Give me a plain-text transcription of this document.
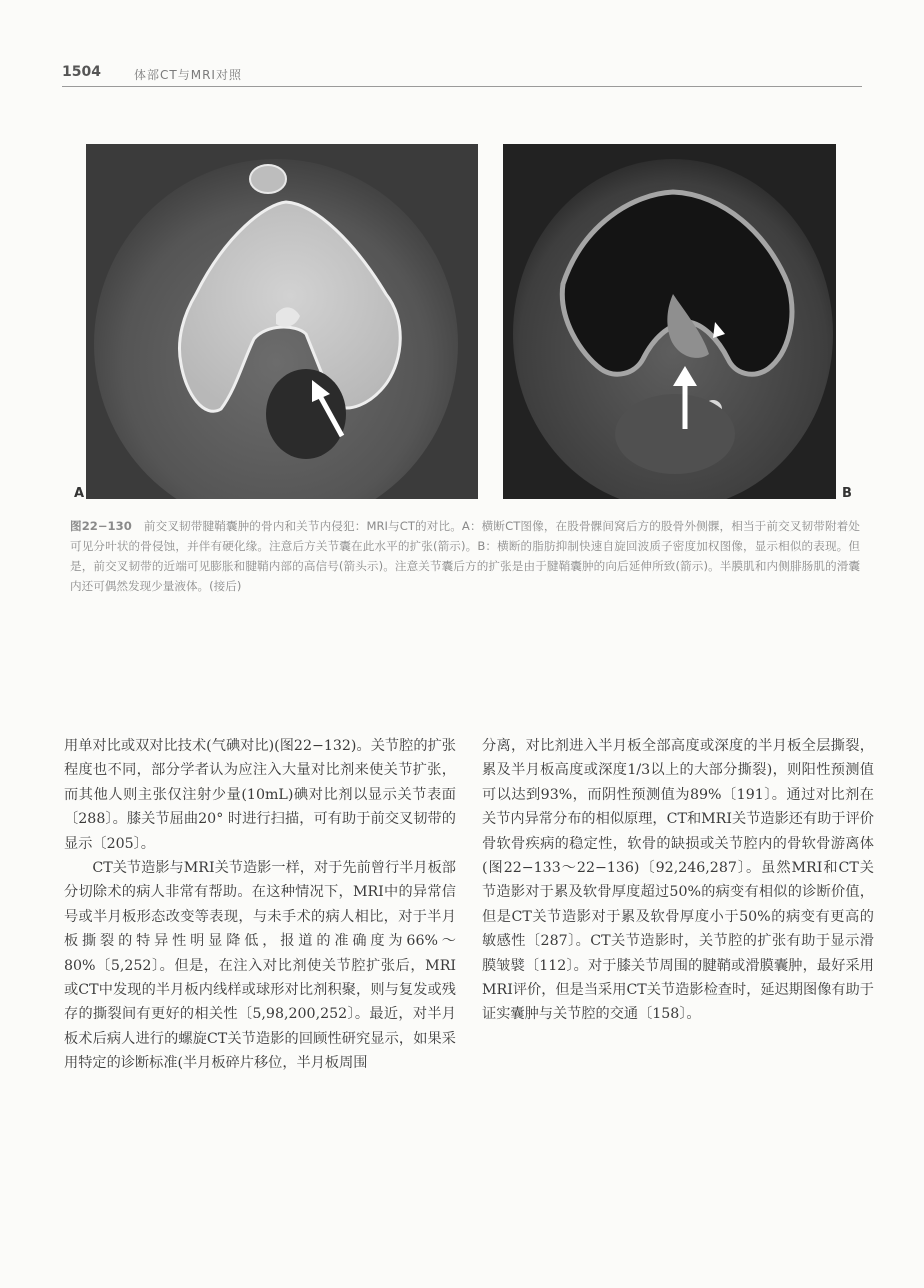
1504	体部CT与MRI对照
A	B
图22−130 前交叉韧带腱鞘囊肿的骨内和关节内侵犯：MRI与CT的对比。A：横断CT图像，在股骨髁间窝后方的股骨外侧髁，相当于前交叉韧带附着处可见分叶状的骨侵蚀，并伴有硬化缘。注意后方关节囊在此水平的扩张(箭示)。B：横断的脂肪抑制快速自旋回波质子密度加权图像，显示相似的表现。但是，前交叉韧带的近端可见膨胀和腱鞘内部的高信号(箭头示)。注意关节囊后方的扩张是由于腱鞘囊肿的向后延伸所致(箭示)。半膜肌和内侧腓肠肌的滑囊内还可偶然发现少量液体。(接后)

用单对比或双对比技术(气碘对比)(图22−132)。关节腔的扩张程度也不同，部分学者认为应注入大量对比剂来使关节扩张，而其他人则主张仅注射少量(10mL)碘对比剂以显示关节表面〔288〕。膝关节屈曲20° 时进行扫描，可有助于前交叉韧带的显示〔205〕。

CT关节造影与MRI关节造影一样，对于先前曾行半月板部分切除术的病人非常有帮助。在这种情况下，MRI中的异常信号或半月板形态改变等表现，与未手术的病人相比，对于半月板撕裂的特异性明显降低，报道的准确度为66%～80%〔5,252〕。但是，在注入对比剂使关节腔扩张后，MRI或CT中发现的半月板内线样或球形对比剂积聚，则与复发或残存的撕裂间有更好的相关性〔5,98,200,252〕。最近，对半月板术后病人进行的螺旋CT关节造影的回顾性研究显示，如果采用特定的诊断标准(半月板碎片移位，半月板周围

分离，对比剂进入半月板全部高度或深度的半月板全层撕裂，累及半月板高度或深度1/3以上的大部分撕裂)，则阳性预测值可以达到93%，而阴性预测值为89%〔191〕。通过对比剂在关节内异常分布的相似原理，CT和MRI关节造影还有助于评价骨软骨疾病的稳定性，软骨的缺损或关节腔内的骨软骨游离体(图22−133～22−136)〔92,246,287〕。虽然MRI和CT关节造影对于累及软骨厚度超过50%的病变有相似的诊断价值，但是CT关节造影对于累及软骨厚度小于50%的病变有更高的敏感性〔287〕。CT关节造影时，关节腔的扩张有助于显示滑膜皱襞〔112〕。对于膝关节周围的腱鞘或滑膜囊肿，最好采用MRI评价，但是当采用CT关节造影检查时，延迟期图像有助于证实囊肿与关节腔的交通〔158〕。
